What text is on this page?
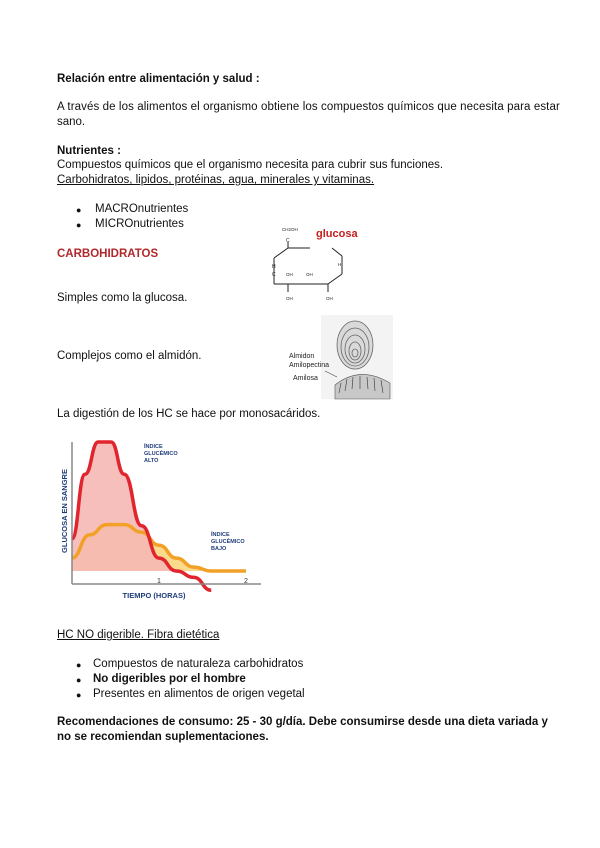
Relación entre alimentación y salud :
A través de los alimentos el organismo obtiene los compuestos químicos que necesita para estar
sano.
Nutrientes :
Compuestos químicos que el organismo necesita para cubrir sus funciones.
Carbohidratos, lipidos, protéinas, agua, minerales y vitaminas.
● MACROnutrientes
● MICROnutrientes
CARBOHIDRATOS
Simples como la glucosa.
Complejos como el almidón.
CH2OH
C
H
C OH	OH
H
OH	OH
glucosa
Almidon
Amilopectina
Amilosa
La digestión de los HC se hace por monosacáridos.
1	2
TIEMPO (HORAS)
GLUCOSA EN SANGRE
ÍNDICE
GLUCÉMICO
ALTO
ÍNDICE
GLUCÉMICO
BAJO
HC NO digerible. Fibra dietética
● Compuestos de naturaleza carbohidratos
● No digeribles por el hombre
● Presentes en alimentos de origen vegetal
Recomendaciones de consumo: 25 - 30 g/día. Debe consumirse desde una dieta variada y
no se recomiendan suplementaciones.
